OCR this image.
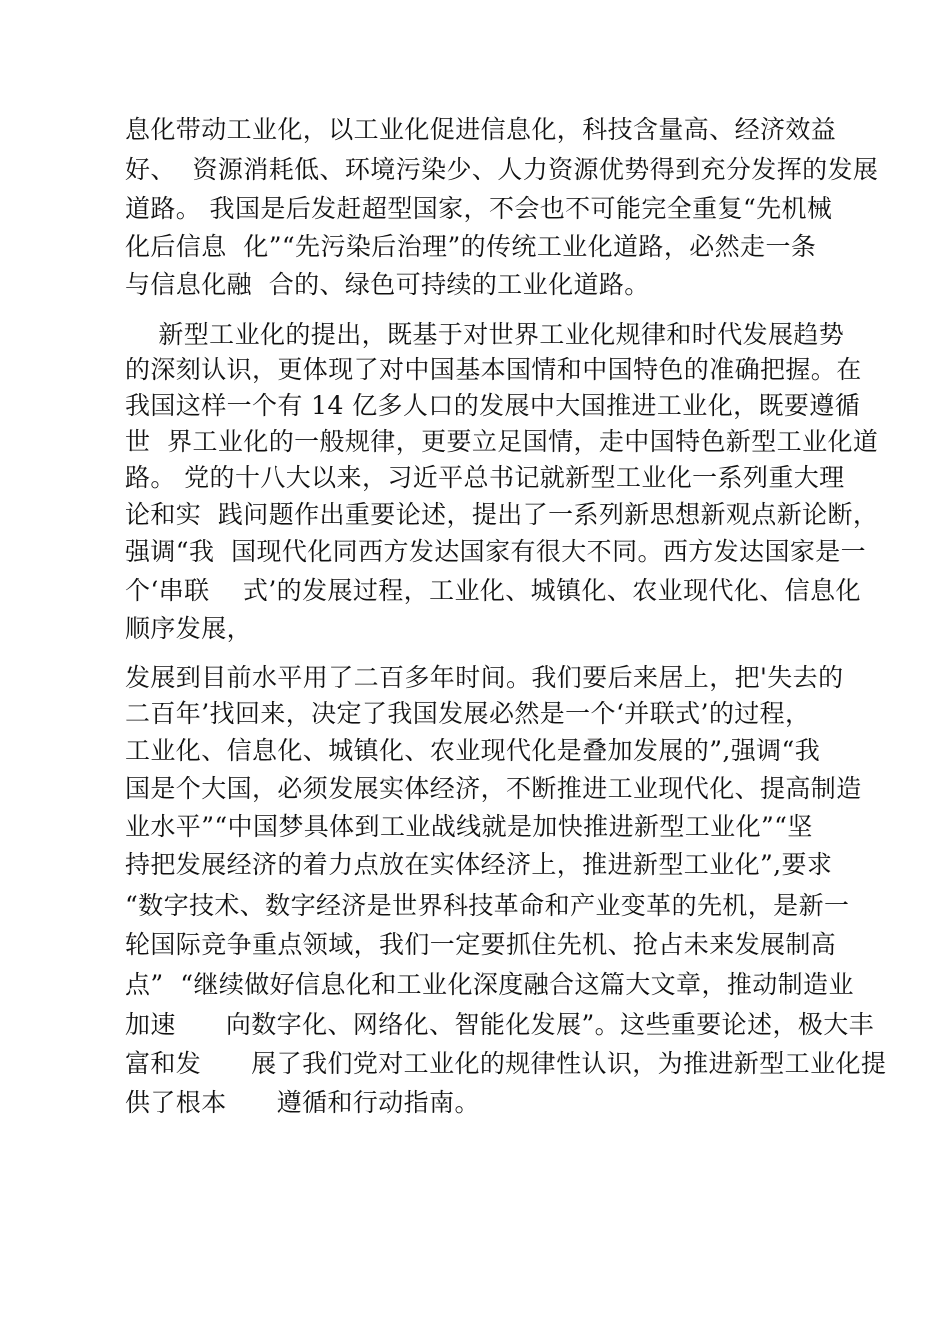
息化带动工业化，以工业化促进信息化，科技含量高、经济效益
好、  资源消耗低、环境污染少、人力资源优势得到充分发挥的发展
道路。 我国是后发赶超型国家，不会也不可能完全重复“先机械
化后信息  化”“先污染后治理”的传统工业化道路，必然走一条
与信息化融  合的、绿色可持续的工业化道路。
新型工业化的提出，既基于对世界工业化规律和时代发展趋势
的深刻认识，更体现了对中国基本国情和中国特色的准确把握。在
我国这样一个有 14 亿多人口的发展中大国推进工业化，既要遵循
世  界工业化的一般规律，更要立足国情，走中国特色新型工业化道
路。 党的十八大以来，习近平总书记就新型工业化一系列重大理
论和实  践问题作出重要论述，提出了一系列新思想新观点新论断，
强调“我  国现代化同西方发达国家有很大不同。西方发达国家是一
个‘串联    式’的发展过程，工业化、城镇化、农业现代化、信息化
顺序发展，
发展到目前水平用了二百多年时间。我们要后来居上，把'失去的
二百年’找回来，决定了我国发展必然是一个‘并联式’的过程，
工业化、信息化、城镇化、农业现代化是叠加发展的”,强调“我
国是个大国，必须发展实体经济，不断推进工业现代化、提高制造
业水平”“中国梦具体到工业战线就是加快推进新型工业化”“坚
持把发展经济的着力点放在实体经济上，推进新型工业化”,要求
“数字技术、数字经济是世界科技革命和产业变革的先机，是新一
轮国际竞争重点领域，我们一定要抓住先机、抢占未来发展制高
点”  “继续做好信息化和工业化深度融合这篇大文章，推动制造业
加速      向数字化、网络化、智能化发展”。这些重要论述，极大丰
富和发      展了我们党对工业化的规律性认识，为推进新型工业化提
供了根本      遵循和行动指南。
